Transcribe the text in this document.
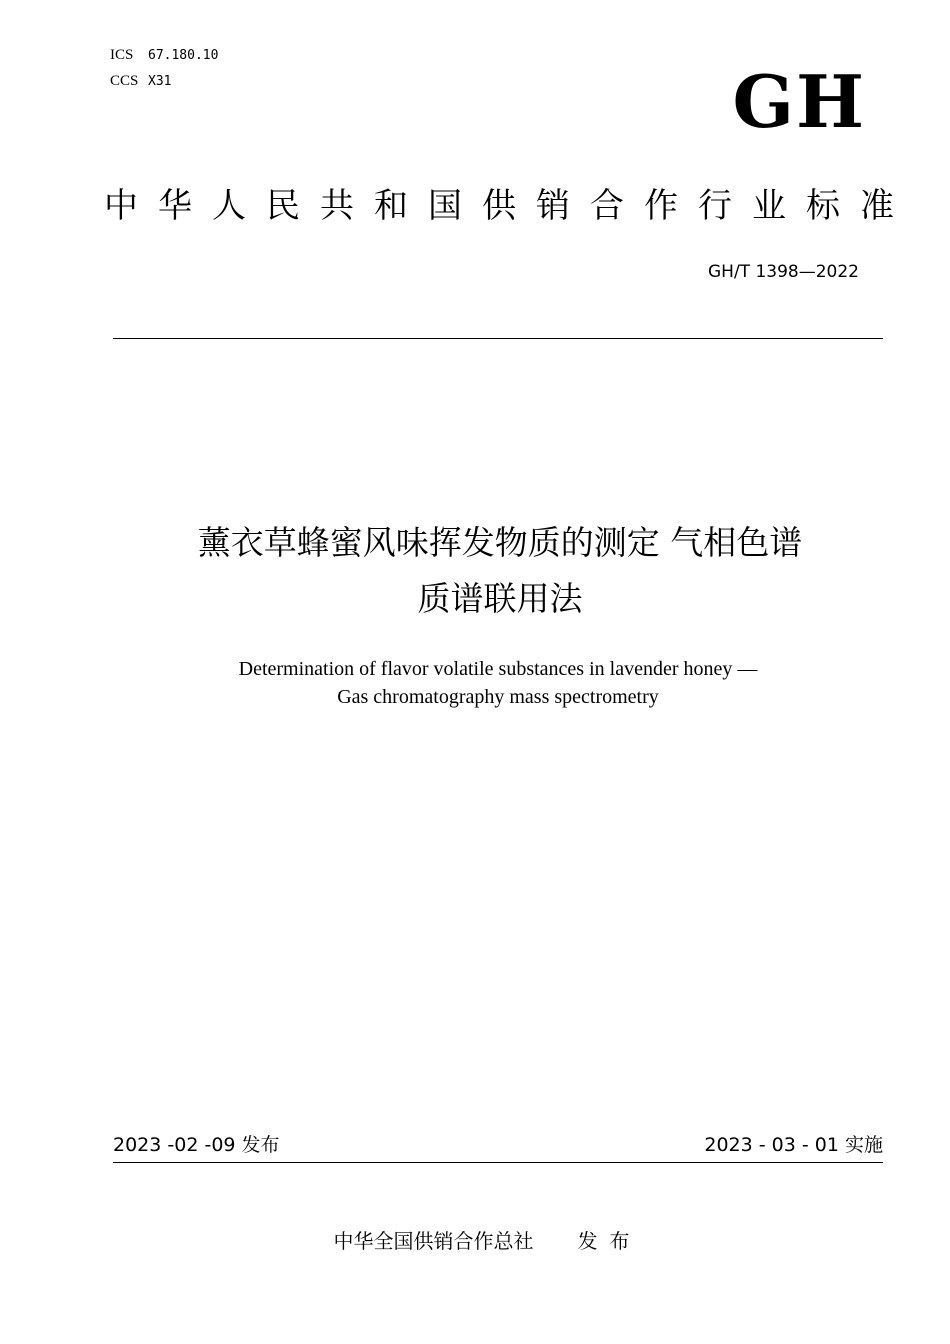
ICS 67.180.10
CCS X31	GH
中华人民共和国供销合作行业标准
GH/T 1398—2022
薰衣草蜂蜜风味挥发物质的测定 气相色谱
质谱联用法
Determination of flavor volatile substances in lavender honey —
Gas chromatography mass spectrometry
2023 -02 -09 发布	2023 - 03 - 01 实施
中华全国供销合作总社 发布
